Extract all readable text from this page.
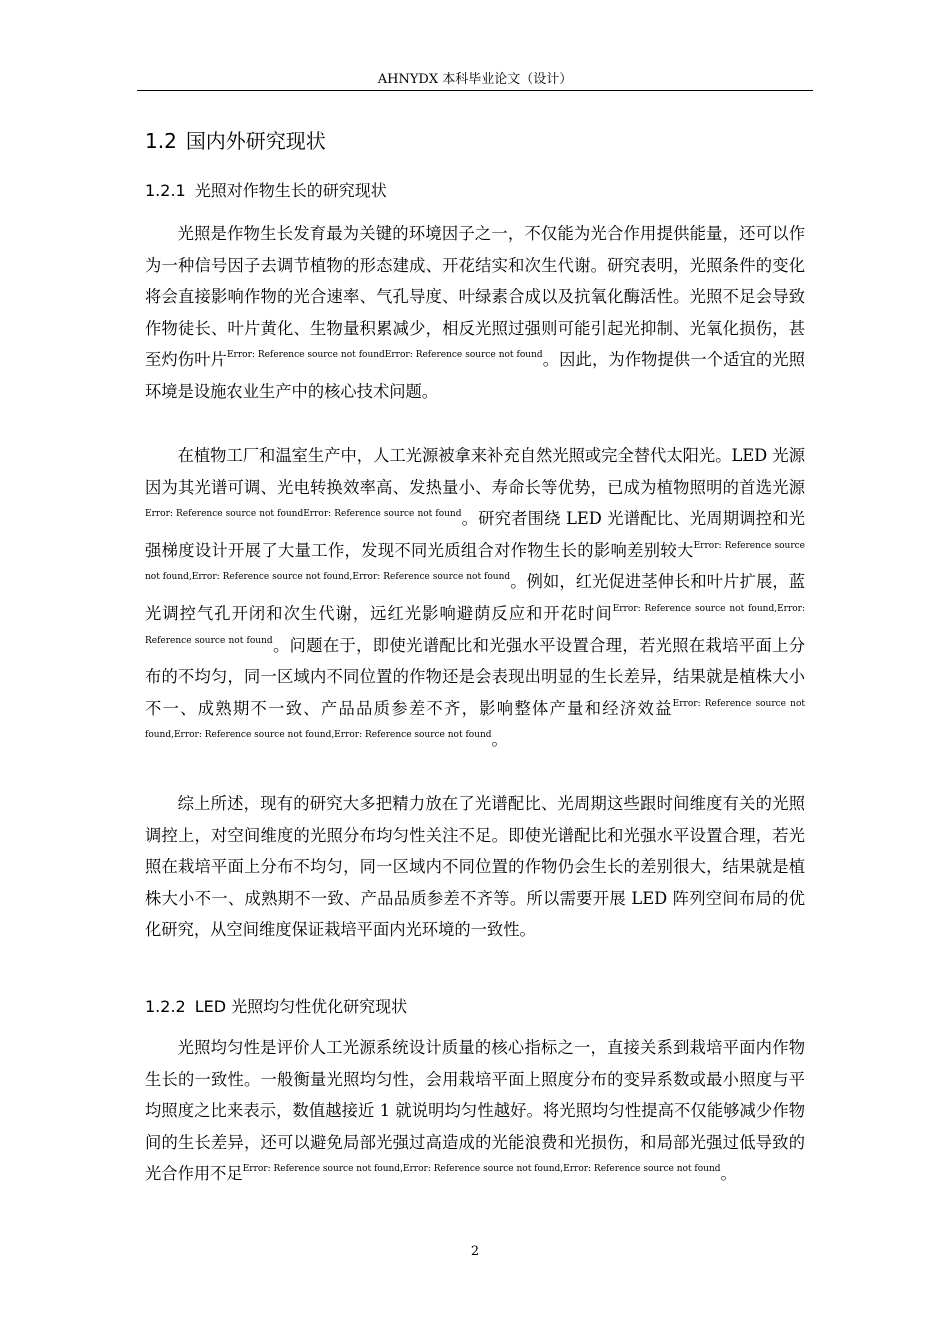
AHNYDX 本科毕业论文（设计）
1.2 国内外研究现状
1.2.1 光照对作物生长的研究现状

光照是作物生长发育最为关键的环境因子之一，不仅能为光合作用提供能量，还可以作为一种信号因子去调节植物的形态建成、开花结实和次生代谢。研究表明，光照条件的变化将会直接影响作物的光合速率、气孔导度、叶绿素合成以及抗氧化酶活性。光照不足会导致作物徒长、叶片黄化、生物量积累减少，相反光照过强则可能引起光抑制、光氧化损伤，甚至灼伤叶片$^{Error: Reference source not foundError: Reference source not found}$。因此，为作物提供一个适宜的光照环境是设施农业生产中的核心技术问题。

在植物工厂和温室生产中，人工光源被拿来补充自然光照或完全替代太阳光。LED 光源因为其光谱可调、光电转换效率高、发热量小、寿命长等优势，已成为植物照明的首选光源$^{Error: Reference source not foundError: Reference source not found}$。研究者围绕 LED 光谱配比、光周期调控和光强梯度设计开展了大量工作，发现不同光质组合对作物生长的影响差别较大$^{Error: Reference source not found,Error: Reference source not found,Error: Reference source not found}$。例如，红光促进茎伸长和叶片扩展，蓝光调控气孔开闭和次生代谢，远红光影响避荫反应和开花时间$^{Error: Reference source not found,Error: Reference source not found}$。问题在于，即使光谱配比和光强水平设置合理，若光照在栽培平面上分布的不均匀，同一区域内不同位置的作物还是会表现出明显的生长差异，结果就是植株大小不一、成熟期不一致、产品品质参差不齐，影响整体产量和经济效益$^{Error: Reference source not found,Error: Reference source not found,Error: Reference source not found}$。

综上所述，现有的研究大多把精力放在了光谱配比、光周期这些跟时间维度有关的光照调控上，对空间维度的光照分布均匀性关注不足。即使光谱配比和光强水平设置合理，若光照在栽培平面上分布不均匀，同一区域内不同位置的作物仍会生长的差别很大，结果就是植株大小不一、成熟期不一致、产品品质参差不齐等。所以需要开展 LED 阵列空间布局的优化研究，从空间维度保证栽培平面内光环境的一致性。

1.2.2 LED 光照均匀性优化研究现状

光照均匀性是评价人工光源系统设计质量的核心指标之一，直接关系到栽培平面内作物生长的一致性。一般衡量光照均匀性，会用栽培平面上照度分布的变异系数或最小照度与平均照度之比来表示，数值越接近 1 就说明均匀性越好。将光照均匀性提高不仅能够减少作物间的生长差异，还可以避免局部光强过高造成的光能浪费和光损伤，和局部光强过低导致的光合作用不足$^{Error: Reference source not found,Error: Reference source not found,Error: Reference source not found}$。

2
